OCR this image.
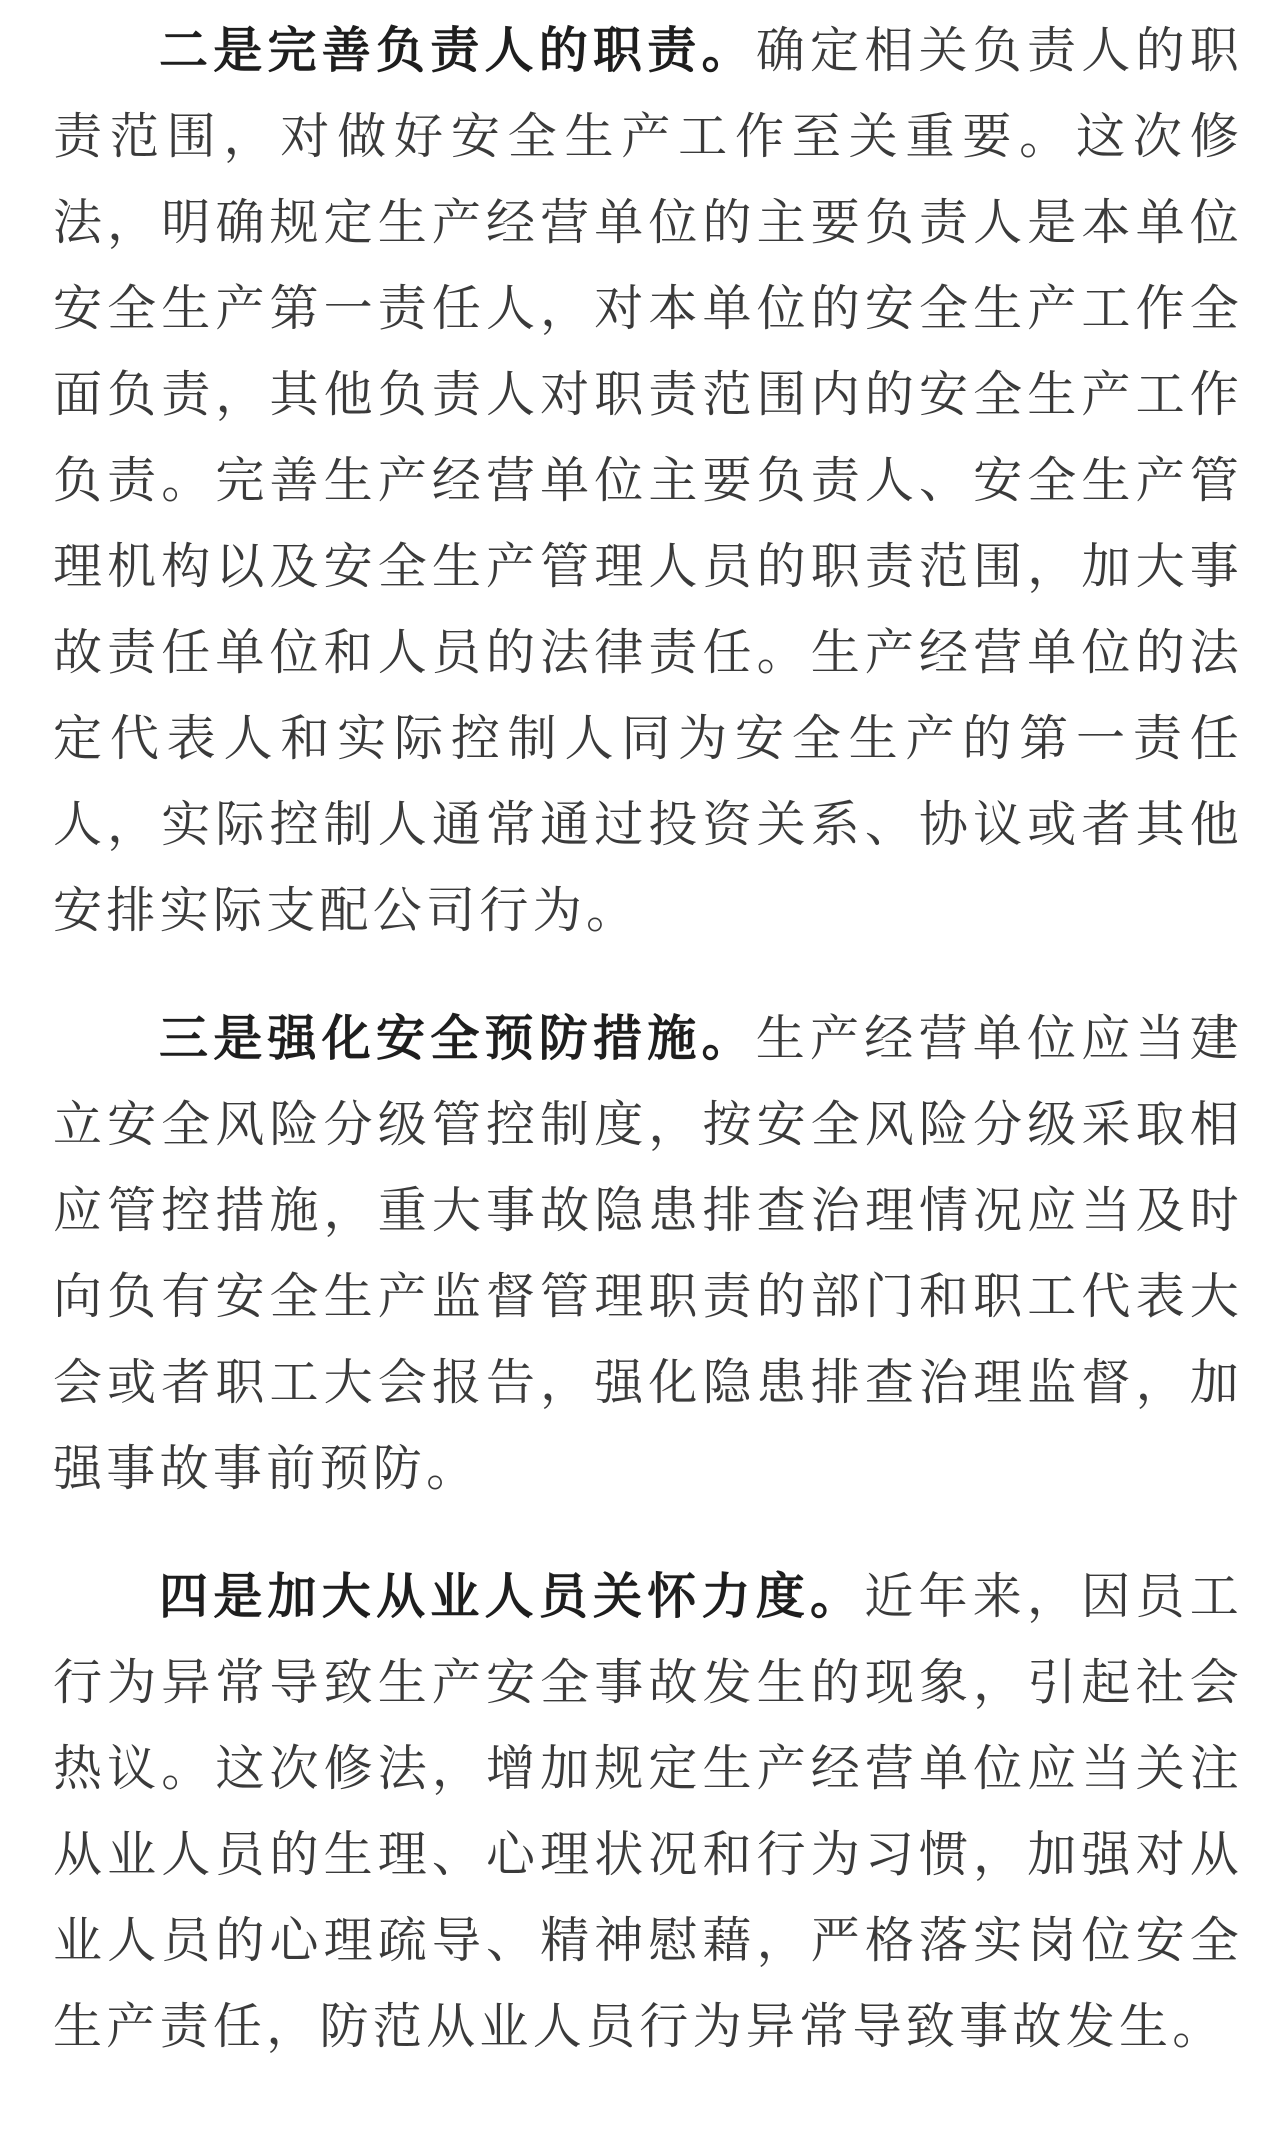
二是完善负责人的职责。确定相关负责人的职责范围，对做好安全生产工作至关重要。这次修法，明确规定生产经营单位的主要负责人是本单位安全生产第一责任人，对本单位的安全生产工作全面负责，其他负责人对职责范围内的安全生产工作负责。完善生产经营单位主要负责人、安全生产管理机构以及安全生产管理人员的职责范围，加大事故责任单位和人员的法律责任。生产经营单位的法定代表人和实际控制人同为安全生产的第一责任人，实际控制人通常通过投资关系、协议或者其他安排实际支配公司行为。

三是强化安全预防措施。生产经营单位应当建立安全风险分级管控制度，按安全风险分级采取相应管控措施，重大事故隐患排查治理情况应当及时向负有安全生产监督管理职责的部门和职工代表大会或者职工大会报告，强化隐患排查治理监督，加强事故事前预防。

四是加大从业人员关怀力度。近年来，因员工行为异常导致生产安全事故发生的现象，引起社会热议。这次修法，增加规定生产经营单位应当关注从业人员的生理、心理状况和行为习惯，加强对从业人员的心理疏导、精神慰藉，严格落实岗位安全生产责任，防范从业人员行为异常导致事故发生。
